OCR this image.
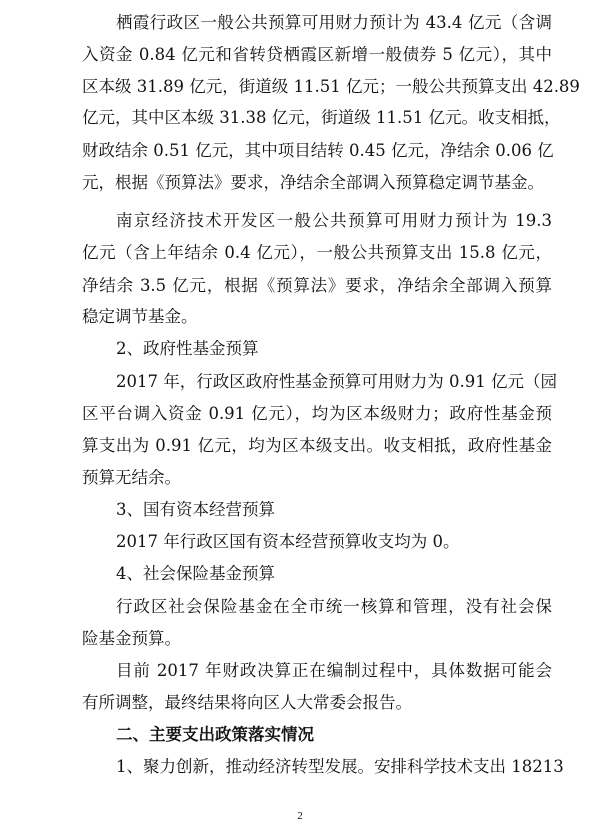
栖霞行政区一般公共预算可用财力预计为 43.4 亿元（含调
入资金 0.84 亿元和省转贷栖霞区新增一般债券 5 亿元），其中
区本级 31.89 亿元，街道级 11.51 亿元；一般公共预算支出 42.89
亿元，其中区本级 31.38 亿元，街道级 11.51 亿元。收支相抵，
财政结余 0.51 亿元，其中项目结转 0.45 亿元，净结余 0.06 亿
元，根据《预算法》要求，净结余全部调入预算稳定调节基金。
南京经济技术开发区一般公共预算可用财力预计为 19.3
亿元（含上年结余 0.4 亿元），一般公共预算支出 15.8 亿元，
净结余 3.5 亿元，根据《预算法》要求，净结余全部调入预算
稳定调节基金。
2、政府性基金预算
2017 年，行政区政府性基金预算可用财力为 0.91 亿元（园
区平台调入资金 0.91 亿元），均为区本级财力；政府性基金预
算支出为 0.91 亿元，均为区本级支出。收支相抵，政府性基金
预算无结余。
3、国有资本经营预算
2017 年行政区国有资本经营预算收支均为 0。
4、社会保险基金预算
行政区社会保险基金在全市统一核算和管理，没有社会保
险基金预算。
目前 2017 年财政决算正在编制过程中，具体数据可能会
有所调整，最终结果将向区人大常委会报告。
二、主要支出政策落实情况
1、聚力创新，推动经济转型发展。安排科学技术支出 18213
2
